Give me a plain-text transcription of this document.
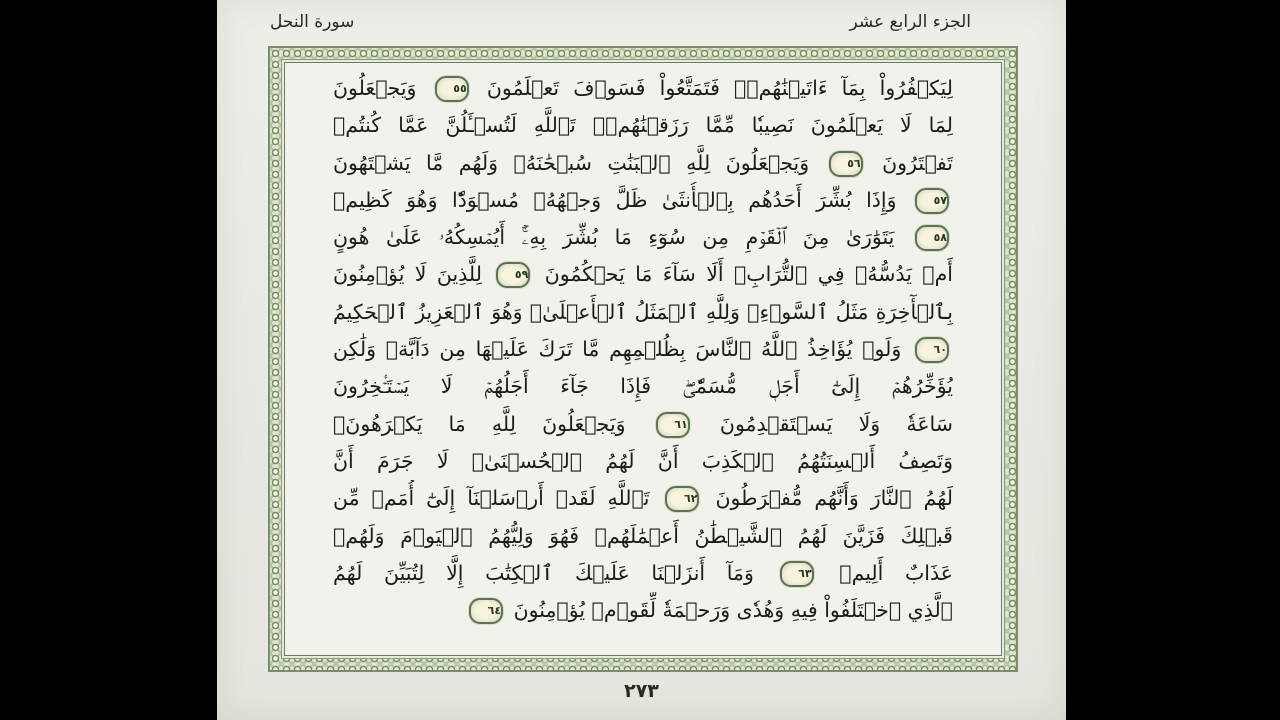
الجزء الرابع عشر
سورة النحل
لِيَكۡفُرُواْ بِمَآ ءَاتَيۡنَٰهُمۡۚ فَتَمَتَّعُواْ فَسَوۡفَ تَعۡلَمُونَ ٥٥ وَيَجۡعَلُونَ
لِمَا لَا يَعۡلَمُونَ نَصِيبٗا مِّمَّا رَزَقۡنَٰهُمۡۗ تَٱللَّهِ لَتُسۡـَٔلُنَّ عَمَّا كُنتُمۡ
تَفۡتَرُونَ ٥٦ وَيَجۡعَلُونَ لِلَّهِ ٱلۡبَنَٰتِ سُبۡحَٰنَهُۥ وَلَهُم مَّا يَشۡتَهُونَ
٥٧ وَإِذَا بُشِّرَ أَحَدُهُم بِٱلۡأُنثَىٰ ظَلَّ وَجۡهُهُۥ مُسۡوَدّٗا وَهُوَ كَظِيمٞ
٥٨ يَتَوَٰرَىٰ مِنَ ٱلۡقَوۡمِ مِن سُوٓءِ مَا بُشِّرَ بِهِۦٓۚ أَيُمۡسِكُهُۥ عَلَىٰ هُونٍ
أَمۡ يَدُسُّهُۥ فِي ٱلتُّرَابِۗ أَلَا سَآءَ مَا يَحۡكُمُونَ ٥٩ لِلَّذِينَ لَا يُؤۡمِنُونَ
بِٱلۡأٓخِرَةِ مَثَلُ ٱلسَّوۡءِۖ وَلِلَّهِ ٱلۡمَثَلُ ٱلۡأَعۡلَىٰۚ وَهُوَ ٱلۡعَزِيزُ ٱلۡحَكِيمُ
٦٠ وَلَوۡ يُؤَاخِذُ ٱللَّهُ ٱلنَّاسَ بِظُلۡمِهِم مَّا تَرَكَ عَلَيۡهَا مِن دَآبَّةٖ وَلَٰكِن
يُؤَخِّرُهُمۡ إِلَىٰٓ أَجَلٖ مُّسَمّٗىۖ فَإِذَا جَآءَ أَجَلُهُمۡ لَا يَسۡتَـٔۡخِرُونَ
سَاعَةٗ وَلَا يَسۡتَقۡدِمُونَ ٦١ وَيَجۡعَلُونَ لِلَّهِ مَا يَكۡرَهُونَۚ
وَتَصِفُ أَلۡسِنَتُهُمُ ٱلۡكَذِبَ أَنَّ لَهُمُ ٱلۡحُسۡنَىٰۖ لَا جَرَمَ أَنَّ
لَهُمُ ٱلنَّارَ وَأَنَّهُم مُّفۡرَطُونَ ٦٢ تَٱللَّهِ لَقَدۡ أَرۡسَلۡنَآ إِلَىٰٓ أُمَمٖ مِّن
قَبۡلِكَ فَزَيَّنَ لَهُمُ ٱلشَّيۡطَٰنُ أَعۡمَٰلَهُمۡ فَهُوَ وَلِيُّهُمُ ٱلۡيَوۡمَ وَلَهُمۡ
عَذَابٌ أَلِيمٞ ٦٣ وَمَآ أَنزَلۡنَا عَلَيۡكَ ٱلۡكِتَٰبَ إِلَّا لِتُبَيِّنَ لَهُمُ
ٱلَّذِي ٱخۡتَلَفُواْ فِيهِ وَهُدٗى وَرَحۡمَةٗ لِّقَوۡمٖ يُؤۡمِنُونَ ٦٤
٢٧٣
